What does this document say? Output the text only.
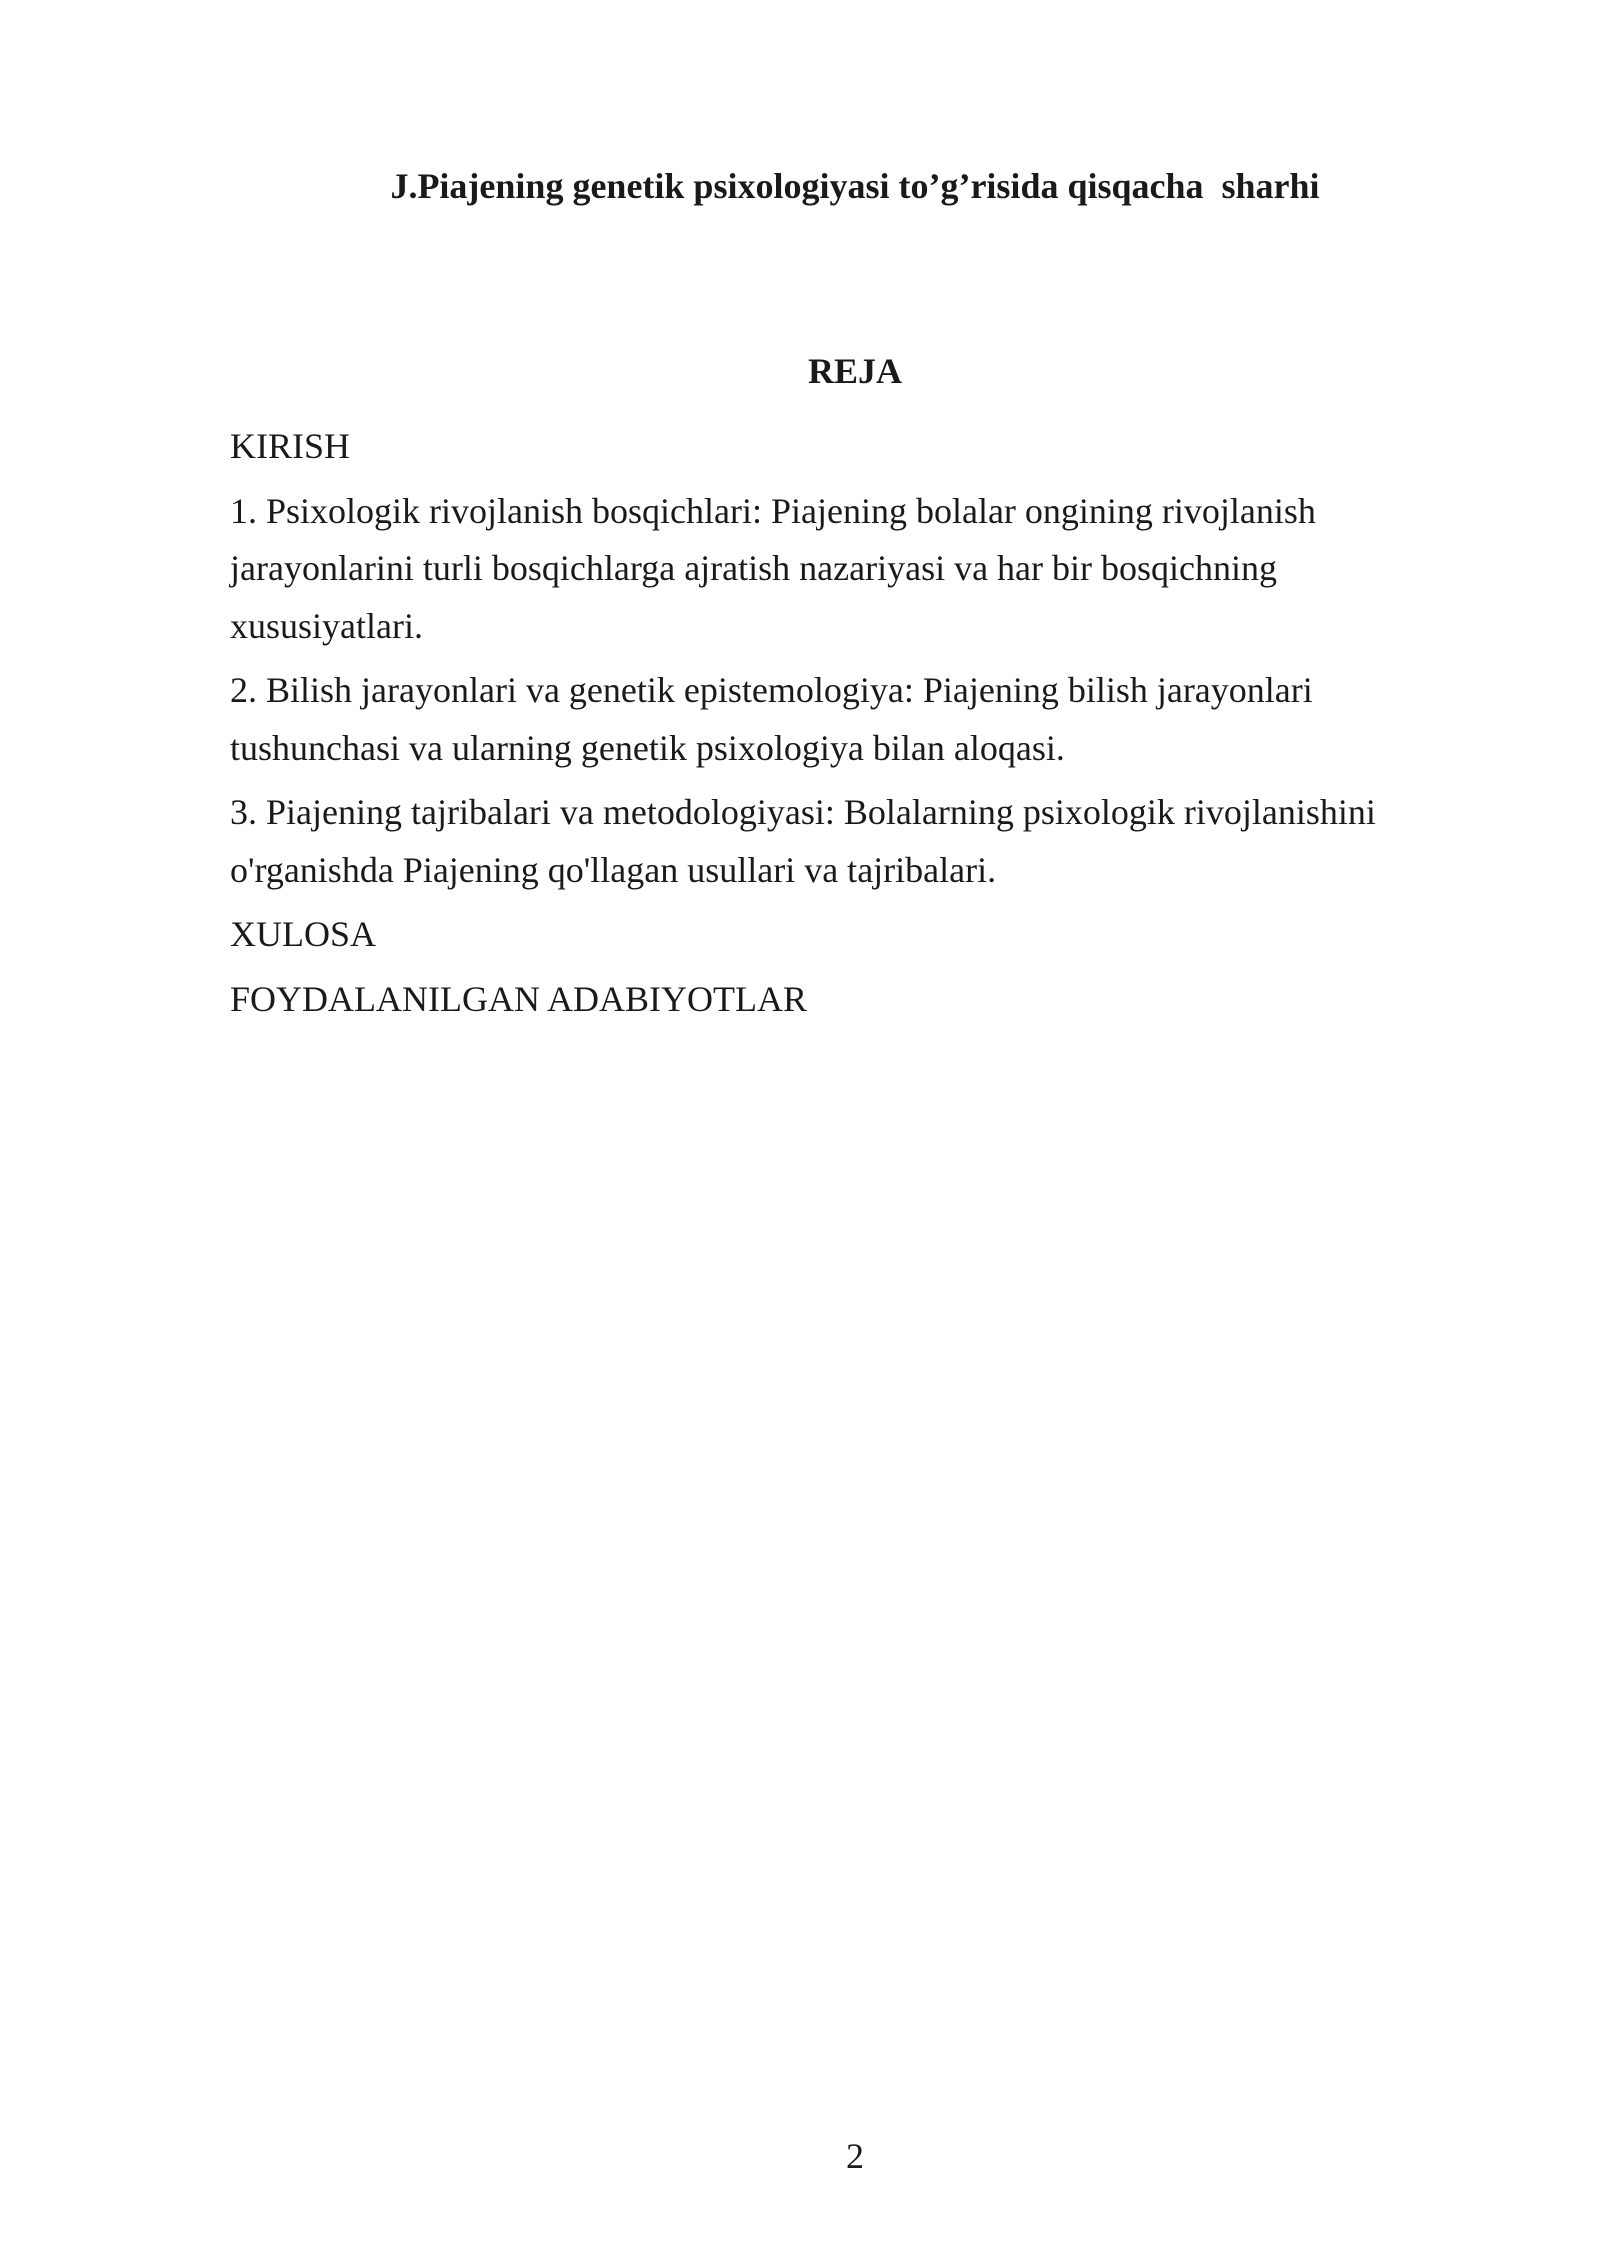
J.Piajening genetik psixologiyasi to’g’risida qisqacha  sharhi
REJA

KIRISH

1. Psixologik rivojlanish bosqichlari: Piajening bolalar ongining rivojlanish jarayonlarini turli bosqichlarga ajratish nazariyasi va har bir bosqichning xususiyatlari.

2. Bilish jarayonlari va genetik epistemologiya: Piajening bilish jarayonlari tushunchasi va ularning genetik psixologiya bilan aloqasi.

3. Piajening tajribalari va metodologiyasi: Bolalarning psixologik rivojlanishini o'rganishda Piajening qo'llagan usullari va tajribalari.

XULOSA

FOYDALANILGAN ADABIYOTLAR

2
